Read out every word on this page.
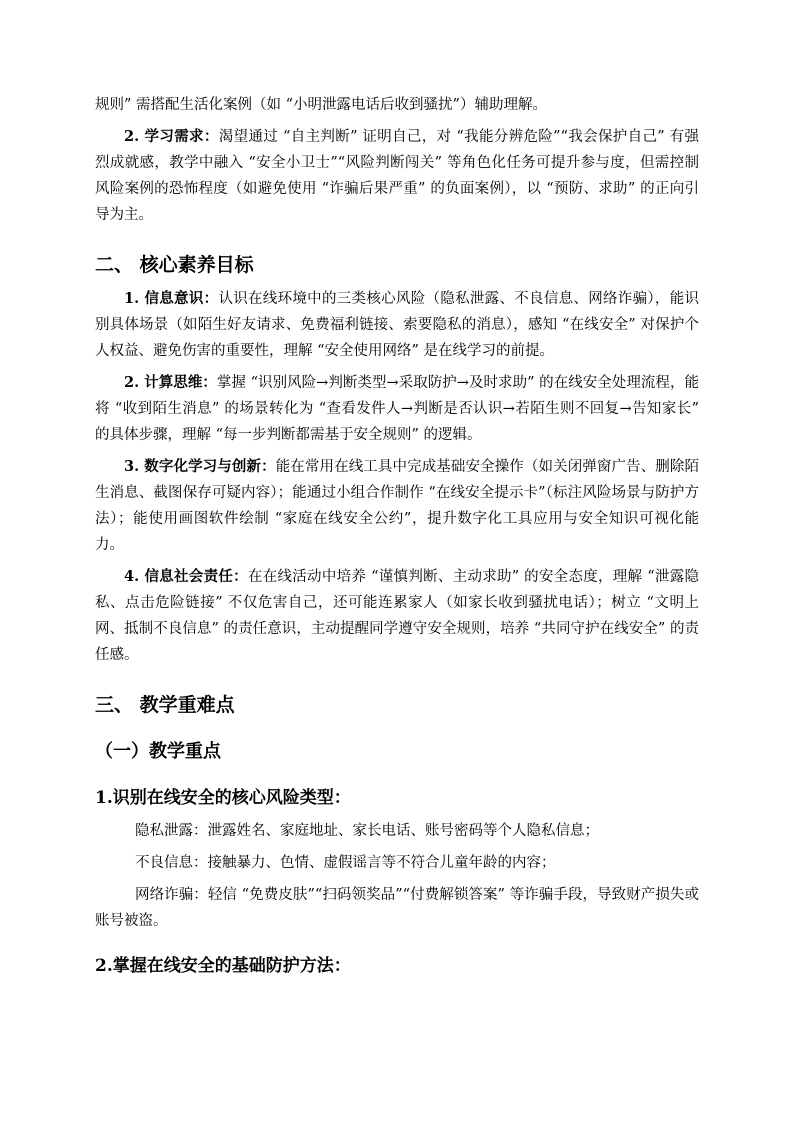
规则” 需搭配生活化案例（如 “小明泄露电话后收到骚扰”）辅助理解。

2. 学习需求：渴望通过 “自主判断” 证明自己，对 “我能分辨危险”“我会保护自己” 有强烈成就感，教学中融入 “安全小卫士”“风险判断闯关” 等角色化任务可提升参与度，但需控制风险案例的恐怖程度（如避免使用 “诈骗后果严重” 的负面案例），以 “预防、求助” 的正向引导为主。

二、 核心素养目标

1. 信息意识：认识在线环境中的三类核心风险（隐私泄露、不良信息、网络诈骗），能识别具体场景（如陌生好友请求、免费福利链接、索要隐私的消息），感知 “在线安全” 对保护个人权益、避免伤害的重要性，理解 “安全使用网络” 是在线学习的前提。

2. 计算思维：掌握 “识别风险→判断类型→采取防护→及时求助” 的在线安全处理流程，能将 “收到陌生消息” 的场景转化为 “查看发件人→判断是否认识→若陌生则不回复→告知家长” 的具体步骤，理解 “每一步判断都需基于安全规则” 的逻辑。

3. 数字化学习与创新：能在常用在线工具中完成基础安全操作（如关闭弹窗广告、删除陌生消息、截图保存可疑内容）；能通过小组合作制作 “在线安全提示卡”（标注风险场景与防护方法）；能使用画图软件绘制 “家庭在线安全公约”，提升数字化工具应用与安全知识可视化能力。

4. 信息社会责任：在在线活动中培养 “谨慎判断、主动求助” 的安全态度，理解 “泄露隐私、点击危险链接” 不仅危害自己，还可能连累家人（如家长收到骚扰电话）；树立 “文明上网、抵制不良信息” 的责任意识，主动提醒同学遵守安全规则，培养 “共同守护在线安全” 的责任感。

三、 教学重难点
（一）教学重点
1.识别在线安全的核心风险类型：

隐私泄露：泄露姓名、家庭地址、家长电话、账号密码等个人隐私信息；

不良信息：接触暴力、色情、虚假谣言等不符合儿童年龄的内容；

网络诈骗：轻信 “免费皮肤”“扫码领奖品”“付费解锁答案” 等诈骗手段，导致财产损失或账号被盗。

2.掌握在线安全的基础防护方法：
